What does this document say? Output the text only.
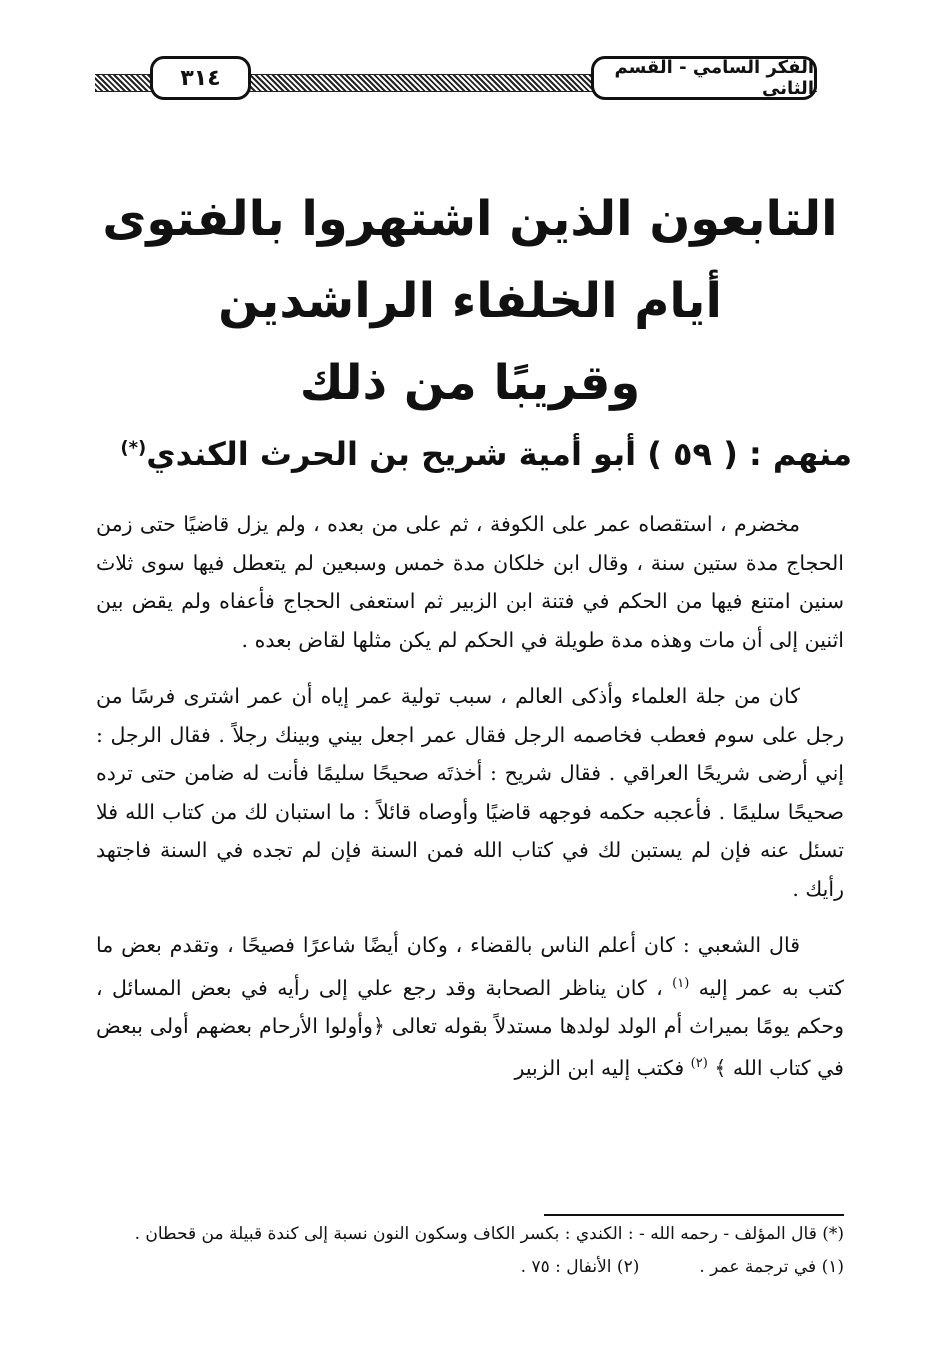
٣١٤	الفكر السامي - القسم الثاني
التابعون الذين اشتهروا بالفتوى
أيام الخلفاء الراشدين
وقريبًا من ذلك
منهم : ( ٥٩ ) أبو أمية شريح بن الحرث الكندي(*)

مخضرم ، استقصاه عمر على الكوفة ، ثم على من بعده ، ولم يزل قاضيًا حتى زمن الحجاج مدة ستين سنة ، وقال ابن خلكان مدة خمس وسبعين لم يتعطل فيها سوى ثلاث سنين امتنع فيها من الحكم في فتنة ابن الزبير ثم استعفى الحجاج فأعفاه ولم يقض بين اثنين إلى أن مات وهذه مدة طويلة في الحكم لم يكن مثلها لقاض بعده .

كان من جلة العلماء وأذكى العالم ، سبب تولية عمر إياه أن عمر اشترى فرسًا من رجل على سوم فعطب فخاصمه الرجل فقال عمر اجعل بيني وبينك رجلاً . فقال الرجل : إني أرضى شريحًا العراقي . فقال شريح : أخذتَه صحيحًا سليمًا فأنت له ضامن حتى ترده صحيحًا سليمًا . فأعجبه حكمه فوجهه قاضيًا وأوصاه قائلاً : ما استبان لك من كتاب الله فلا تسئل عنه فإن لم يستبن لك في كتاب الله فمن السنة فإن لم تجده في السنة فاجتهد رأيك .

قال الشعبي : كان أعلم الناس بالقضاء ، وكان أيضًا شاعرًا فصيحًا ، وتقدم بعض ما كتب به عمر إليه $^{(١)}$ ، كان يناظر الصحابة وقد رجع علي إلى رأيه في بعض المسائل ، وحكم يومًا بميراث أم الولد لولدها مستدلاً بقوله تعالى ﴿وأولوا الأرحام بعضهم أولى ببعض في كتاب الله ﴾ $^{(٢)}$ فكتب إليه ابن الزبير

(*) قال المؤلف - رحمه الله - : الكندي : بكسر الكاف وسكون النون نسبة إلى كندة قبيلة من قحطان .

(١) في ترجمة عمر .
(٢) الأنفال : ٧٥ .
